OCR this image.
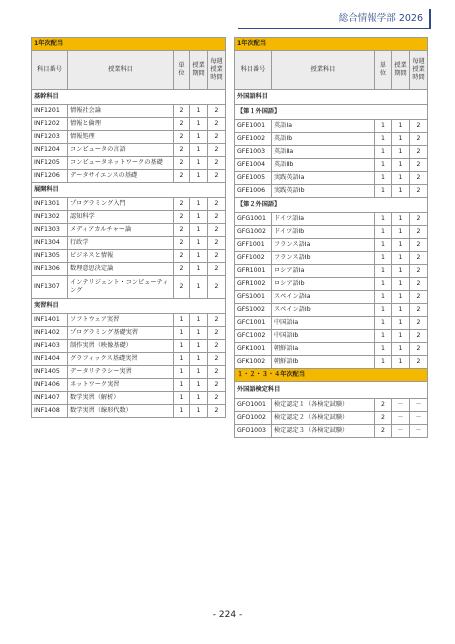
総合情報学部 2026
1年次配当				
科目番号	授業科目	単位	授業期間	毎週授業時間
基幹科目				
INF1201	情報社会論	2	1	2
INF1202	情報と倫理	2	1	2
INF1203	情報処理	2	1	2
INF1204	コンピュータの言語	2	1	2
INF1205	コンピュータネットワークの基礎	2	1	2
INF1206	データサイエンスの基礎	2	1	2
展開科目				
INF1301	プログラミング入門	2	1	2
INF1302	認知科学	2	1	2
INF1303	メディアカルチャー論	2	1	2
INF1304	行政学	2	1	2
INF1305	ビジネスと情報	2	1	2
INF1306	数理意思決定論	2	1	2
INF1307	インテリジェント・コンピューティング	2	1	2
実習科目				
INF1401	ソフトウェア実習	1	1	2
INF1402	プログラミング基礎実習	1	1	2
INF1403	制作実習（映像基礎）	1	1	2
INF1404	グラフィックス基礎実習	1	1	2
INF1405	データリテラシー実習	1	1	2
INF1406	ネットワーク実習	1	1	2
INF1407	数学実習（解析）	1	1	2
INF1408	数学実習（線形代数）	1	1	2
1年次配当				
科目番号	授業科目	単位	授業期間	毎週授業時間
外国語科目				
【第１外国語】				
GFE1001	英語Ⅰa	1	1	2
GFE1002	英語Ⅰb	1	1	2
GFE1003	英語Ⅱa	1	1	2
GFE1004	英語Ⅱb	1	1	2
GFE1005	実践英語Ⅰa	1	1	2
GFE1006	実践英語Ⅰb	1	1	2
【第２外国語】				
GFG1001	ドイツ語Ⅰa	1	1	2
GFG1002	ドイツ語Ⅰb	1	1	2
GFF1001	フランス語Ⅰa	1	1	2
GFF1002	フランス語Ⅰb	1	1	2
GFR1001	ロシア語Ⅰa	1	1	2
GFR1002	ロシア語Ⅰb	1	1	2
GFS1001	スペイン語Ⅰa	1	1	2
GFS1002	スペイン語Ⅰb	1	1	2
GFC1001	中国語Ⅰa	1	1	2
GFC1002	中国語Ⅰb	1	1	2
GFK1001	朝鮮語Ⅰa	1	1	2
GFK1002	朝鮮語Ⅰb	1	1	2
１・２・３・４年次配当				
外国語検定科目				
GFO1001	検定認定１（各検定試験）	2	－	－
GFO1002	検定認定２（各検定試験）	2	－	－
GFO1003	検定認定３（各検定試験）	2	－	－
- 224 -
